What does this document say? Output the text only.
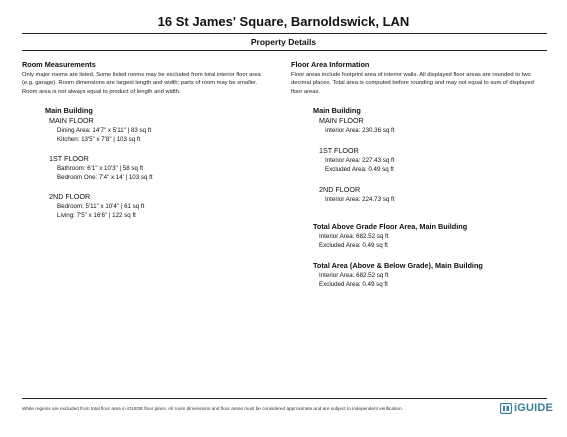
16 St James' Square, Barnoldswick, LAN
Property Details

Room Measurements

Only major rooms are listed. Some listed rooms may be excluded from total interior floor area
(e.g. garage). Room dimensions are largest length and width; parts of room may be smaller.
Room area is not always equal to product of length and width.

Main Building

MAIN FLOOR

Dining Area: 14'7" x 5'11" | 83 sq ft

Kitchen: 13'5" x 7'8" | 103 sq ft

1ST FLOOR

Bathroom: 6'1" x 10'3" | 58 sq ft

Bedroom One: 7'4" x 14' | 103 sq ft

2ND FLOOR

Bedroom: 5'11" x 10'4" | 61 sq ft

Living: 7'5" x 16'6" | 122 sq ft

Floor Area Information

Floor areas include footprint area of interior walls. All displayed floor areas are rounded to two
decimal places. Total area is computed before rounding and may not equal to sum of displayed
floor areas.

Main Building

MAIN FLOOR

Interior Area: 230.36 sq ft

1ST FLOOR

Interior Area: 227.43 sq ft

Excluded Area: 0.49 sq ft

2ND FLOOR

Interior Area: 224.73 sq ft

Total Above Grade Floor Area, Main Building

Interior Area: 682.52 sq ft

Excluded Area: 0.49 sq ft

Total Area (Above & Below Grade), Main Building

Interior Area: 682.52 sq ft

Excluded Area: 0.49 sq ft

White regions are excluded from total floor area in iGUIDE floor plans. All room dimensions and floor areas must be considered approximate and are subject to independent verification.	iGUIDE
